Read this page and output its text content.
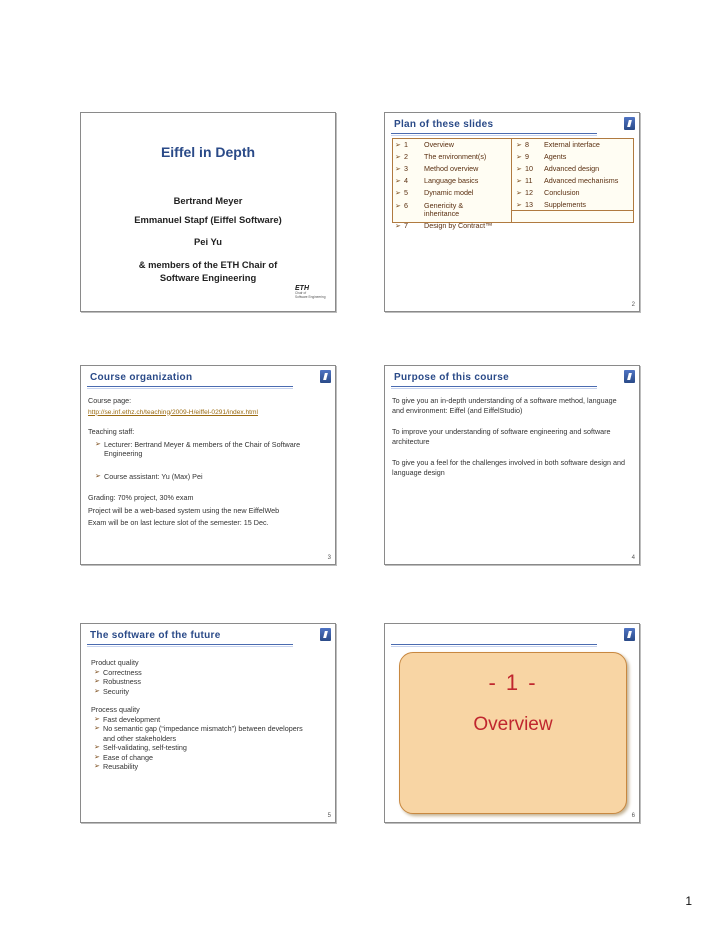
Eiffel in Depth
Bertrand Meyer
Emmanuel Stapf (Eiffel Software)
Pei Yu
& members of the ETH Chair of
Software Engineering
ETH
Chair of
Software Engineering
Plan of these slides
➢ 1 Overview
➢ 2 The environment(s)
➢ 3 Method overview
➢ 4 Language basics
➢ 5 Dynamic model
➢ 6 Genericity &
inheritance
➢ 7 Design by Contract™
➢ 8 External interface
➢ 9 Agents
➢ 10 Advanced design
➢ 11 Advanced mechanisms
➢ 12 Conclusion
➢ 13 Supplements
2
Course organization
Course page:
http://se.inf.ethz.ch/teaching/2009-H/eiffel-0291/index.html
Teaching staff:
➢ Lecturer: Bertrand Meyer & members of the Chair of Software Engineering
➢ Course assistant: Yu (Max) Pei
Grading: 70% project, 30% exam
Project will be a web-based system using the new EiffelWeb
Exam will be on last lecture slot of the semester: 15 Dec.
3
Purpose of this course
To give you an in-depth understanding of a software method, language and environment: Eiffel (and EiffelStudio)
To improve your understanding of software engineering and software architecture
To give you a feel for the challenges involved in both software design and language design
4
The software of the future
Product quality
➢ Correctness
➢ Robustness
➢ Security
Process quality
➢ Fast development
➢ No semantic gap (“impedance mismatch”) between developers and other stakeholders
➢ Self-validating, self-testing
➢ Ease of change
➢ Reusability
5
- 1 -
Overview
6
1
